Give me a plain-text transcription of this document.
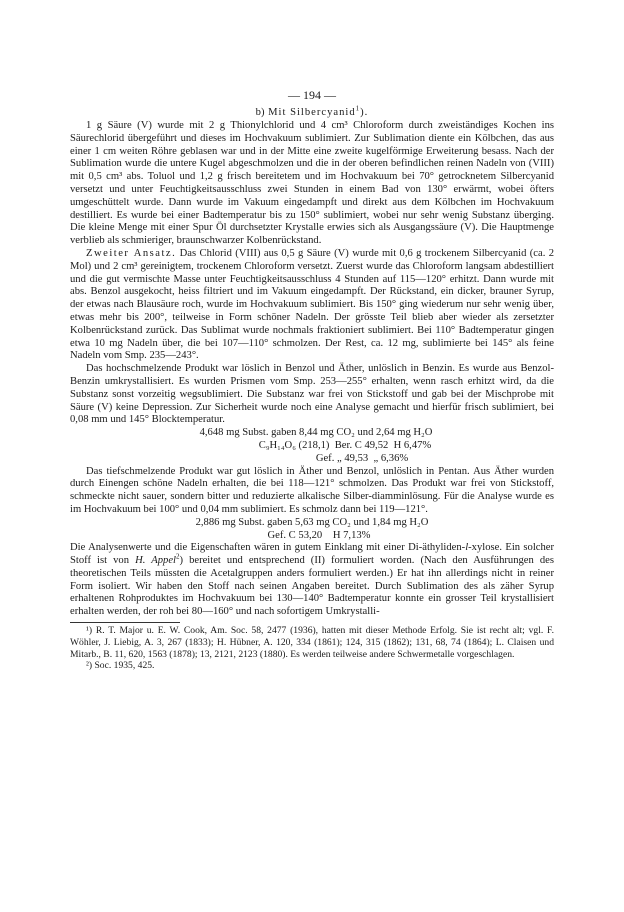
— 194 —
b) Mit Silbercyanid$^1$).

1 g Säure (V) wurde mit 2 g Thionylchlorid und 4 cm³ Chloroform durch zweiständiges Kochen ins Säurechlorid übergeführt und dieses im Hochvakuum sublimiert. Zur Sublimation diente ein Kölbchen, das aus einer 1 cm weiten Röhre geblasen war und in der Mitte eine zweite kugelförmige Erweiterung besass. Nach der Sublimation wurde die untere Kugel abgeschmolzen und die in der oberen befindlichen reinen Nadeln von (VIII) mit 0,5 cm³ abs. Toluol und 1,2 g frisch bereitetem und im Hochvakuum bei 70° getrocknetem Silbercyanid versetzt und unter Feuchtigkeitsausschluss zwei Stunden in einem Bad von 130° erwärmt, wobei öfters umgeschüttelt wurde. Dann wurde im Vakuum eingedampft und direkt aus dem Kölbchen im Hochvakuum destilliert. Es wurde bei einer Badtemperatur bis zu 150° sublimiert, wobei nur sehr wenig Substanz überging. Die kleine Menge mit einer Spur Öl durchsetzter Krystalle erwies sich als Ausgangssäure (V). Die Hauptmenge verblieb als schmieriger, braunschwarzer Kolbenrückstand.

Zweiter Ansatz. Das Chlorid (VIII) aus 0,5 g Säure (V) wurde mit 0,6 g trockenem Silbercyanid (ca. 2 Mol) und 2 cm³ gereinigtem, trockenem Chloroform versetzt. Zuerst wurde das Chloroform langsam abdestilliert und die gut vermischte Masse unter Feuchtigkeitsausschluss 4 Stunden auf 115—120° erhitzt. Dann wurde mit abs. Benzol ausgekocht, heiss filtriert und im Vakuum eingedampft. Der Rückstand, ein dicker, brauner Syrup, der etwas nach Blausäure roch, wurde im Hochvakuum sublimiert. Bis 150° ging wiederum nur sehr wenig über, etwas mehr bis 200°, teilweise in Form schöner Nadeln. Der grösste Teil blieb aber wieder als zersetzter Kolbenrückstand zurück. Das Sublimat wurde nochmals fraktioniert sublimiert. Bei 110° Badtemperatur gingen etwa 10 mg Nadeln über, die bei 107—110° schmolzen. Der Rest, ca. 12 mg, sublimierte bei 145° als feine Nadeln vom Smp. 235—243°.

Das hochschmelzende Produkt war löslich in Benzol und Äther, unlöslich in Benzin. Es wurde aus Benzol-Benzin umkrystallisiert. Es wurden Prismen vom Smp. 253—255° erhalten, wenn rasch erhitzt wird, da die Substanz sonst vorzeitig wegsublimiert. Die Substanz war frei von Stickstoff und gab bei der Mischprobe mit Säure (V) keine Depression. Zur Sicherheit wurde noch eine Analyse gemacht und hierfür frisch sublimiert, bei 0,08 mm und 145° Blocktemperatur.

4,648 mg Subst. gaben 8,44 mg CO₂ und 2,64 mg H₂O
C₉H₁₄O₆ (218,1)  Ber. C 49,52  H 6,47%
Gef. „ 49,53  „ 6,36%

Das tiefschmelzende Produkt war gut löslich in Äther und Benzol, unlöslich in Pentan. Aus Äther wurden durch Einengen schöne Nadeln erhalten, die bei 118—121° schmolzen. Das Produkt war frei von Stickstoff, schmeckte nicht sauer, sondern bitter und reduzierte alkalische Silber-diamminlösung. Für die Analyse wurde es im Hochvakuum bei 100° und 0,04 mm sublimiert. Es schmolz dann bei 119—121°.

2,886 mg Subst. gaben 5,63 mg CO₂ und 1,84 mg H₂O
Gef. C 53,20    H 7,13%

Die Analysenwerte und die Eigenschaften wären in gutem Einklang mit einer Di-äthyliden-l-xylose. Ein solcher Stoff ist von H. Appel$^2$) bereitet und entsprechend (II) formuliert worden. (Nach den Ausführungen des theoretischen Teils müssten die Acetalgruppen anders formuliert werden.) Er hat ihn allerdings nicht in reiner Form isoliert. Wir haben den Stoff nach seinen Angaben bereitet. Durch Sublimation des als zäher Syrup erhaltenen Rohproduktes im Hochvakuum bei 130—140° Badtemperatur konnte ein grosser Teil krystallisiert erhalten werden, der roh bei 80—160° und nach sofortigem Umkrystalli-

¹) R. T. Major u. E. W. Cook, Am. Soc. 58, 2477 (1936), hatten mit dieser Methode Erfolg. Sie ist recht alt; vgl. F. Wöhler, J. Liebig, A. 3, 267 (1833); H. Hübner, A. 120, 334 (1861); 124, 315 (1862); 131, 68, 74 (1864); L. Claisen und Mitarb., B. 11, 620, 1563 (1878); 13, 2121, 2123 (1880). Es werden teilweise andere Schwermetalle vorgeschlagen.
²) Soc. 1935, 425.
